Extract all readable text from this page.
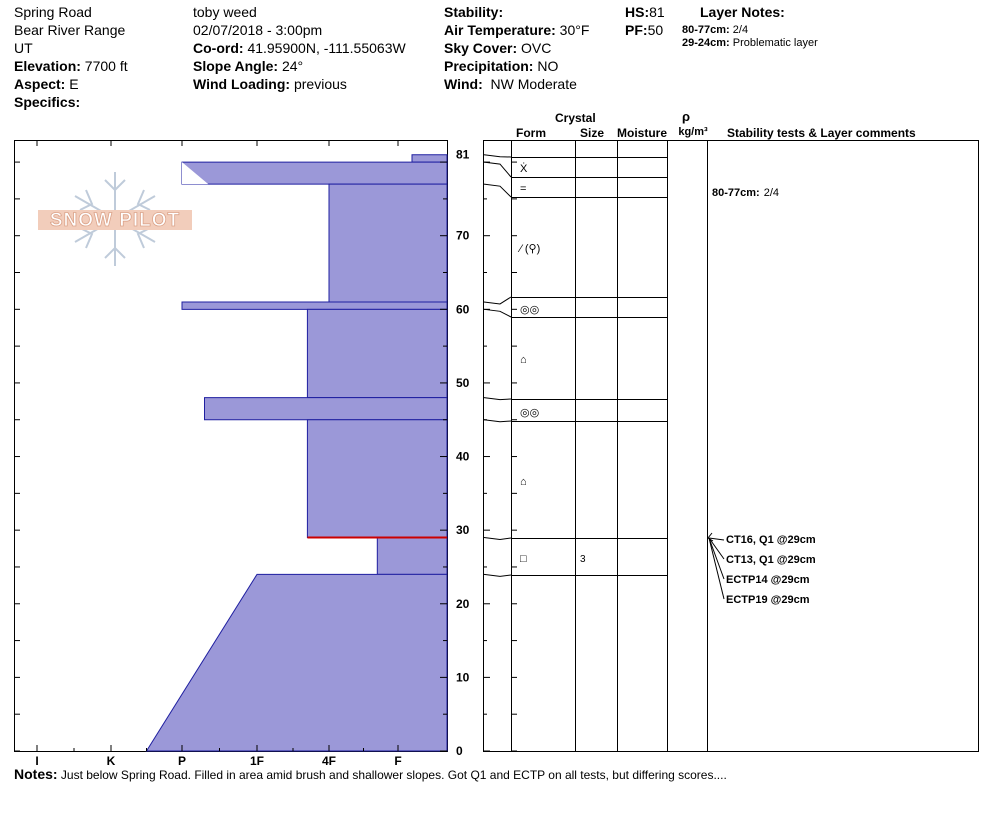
Spring Road
Bear River Range
UT
Elevation: 7700 ft
Aspect: E
Specifics:
toby weed
02/07/2018 - 3:00pm
Co-ord: 41.95900N, -111.55063W
Slope Angle: 24°
Wind Loading: previous
Stability:
Air Temperature: 30°F
Sky Cover: OVC
Precipitation: NO
Wind: NW Moderate
HS:81
PF:50
Layer Notes:
80-77cm: 2/4
29-24cm: Problematic layer
I	K	P	1F	4F	F
SNOW PILOT
0
10
20
30
40
50
60
70
81
Crystal
Form	Size Moisture
ρ
kg/m³ Stability tests & Layer comments
Ẋ
=
⁄ (⚲)
◎◎
⌂
◎◎
⌂
□	3
80-77cm: 2/4
CT16, Q1 @29cm
CT13, Q1 @29cm
ECTP14 @29cm
ECTP19 @29cm
Notes: Just below Spring Road. Filled in area amid brush and shallower slopes. Got Q1 and ECTP on all tests, but differing scores....
